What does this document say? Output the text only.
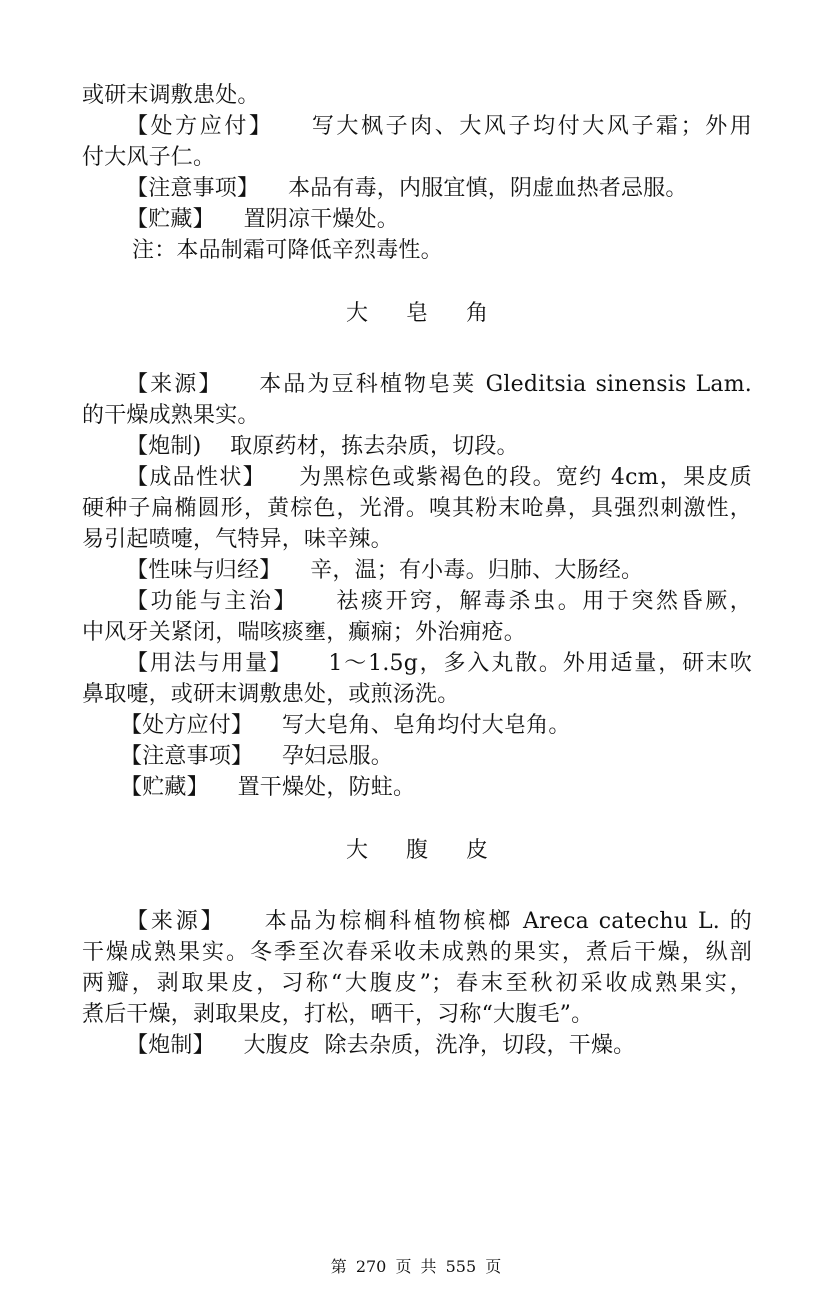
或研末调敷患处。
【处方应付】    写大枫子肉、大风子均付大风子霜；外用
付大风子仁。
【注意事项】    本品有毒，内服宜慎，阴虚血热者忌服。
【贮藏】    置阴凉干燥处。
注：本品制霜可降低辛烈毒性。
大皂角
【来源】    本品为豆科植物皂荚 Gleditsia sinensis Lam.
的干燥成熟果实。
【炮制)    取原药材，拣去杂质，切段。
【成品性状】    为黑棕色或紫褐色的段。宽约 4cm，果皮质
硬种子扁椭圆形，黄棕色，光滑。嗅其粉末呛鼻，具强烈刺激性，
易引起喷嚏，气特异，味辛辣。
【性味与归经】    辛，温；有小毒。归肺、大肠经。
【功能与主治】    祛痰开窍，解毒杀虫。用于突然昏厥，
中风牙关紧闭，喘咳痰壅，癫痫；外治痈疮。
【用法与用量】    1～1.5g，多入丸散。外用适量，研末吹
鼻取嚏，或研末调敷患处，或煎汤洗。
【处方应付】    写大皂角、皂角均付大皂角。
【注意事项】    孕妇忌服。
【贮藏】    置干燥处，防蛀。
大腹皮
【来源】    本品为棕榈科植物槟榔 Areca catechu L. 的
干燥成熟果实。冬季至次春采收未成熟的果实，煮后干燥，纵剖
两瓣，剥取果皮，习称“大腹皮”；春末至秋初采收成熟果实，
煮后干燥，剥取果皮，打松，晒干，习称“大腹毛”。
【炮制】    大腹皮  除去杂质，洗净，切段，干燥。
第 270 页 共 555 页
